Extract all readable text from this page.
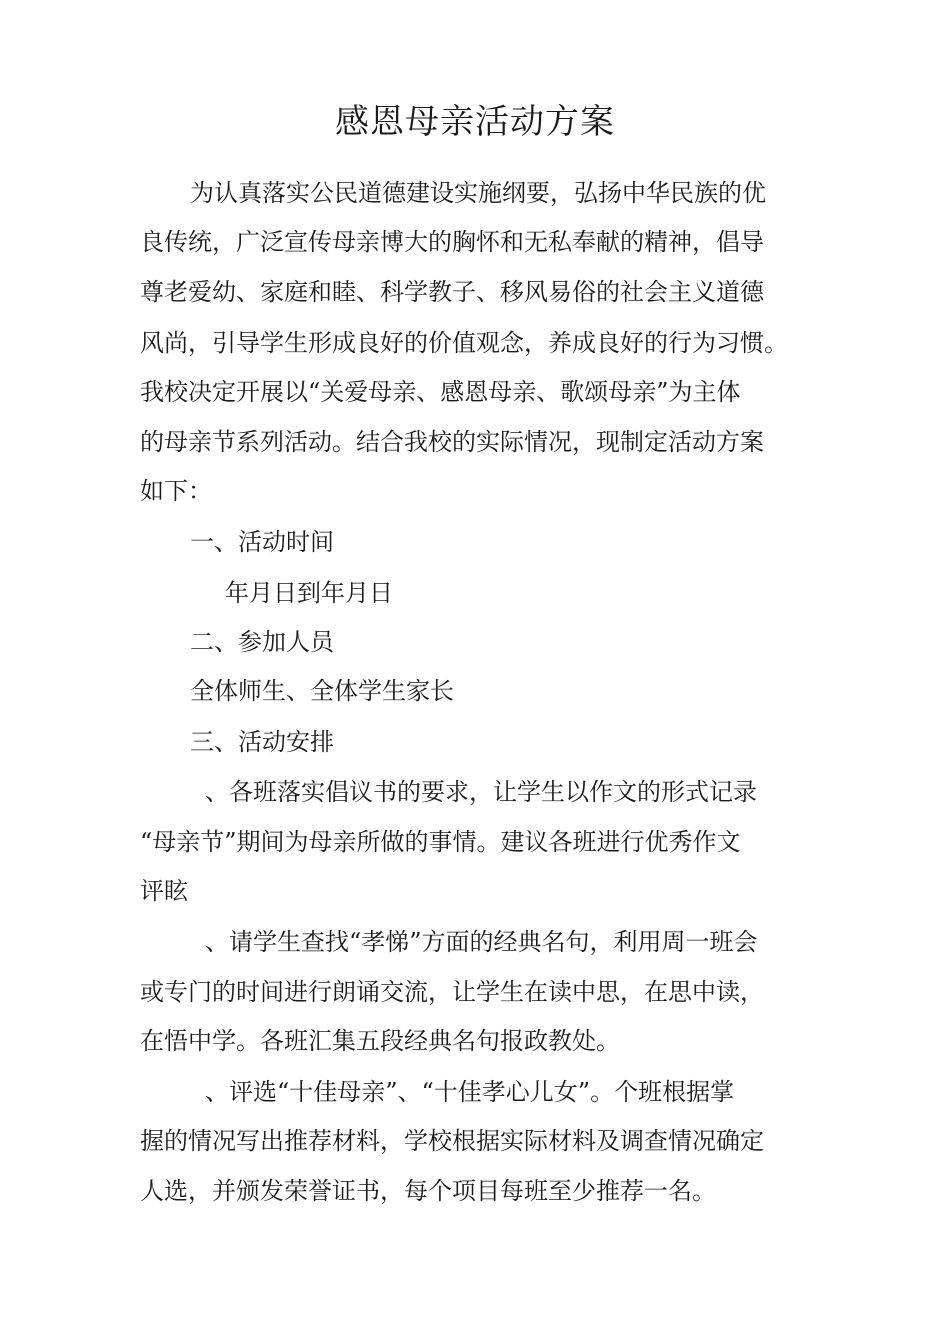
感恩母亲活动方案
为认真落实公民道德建设实施纲要，弘扬中华民族的优
良传统，广泛宣传母亲博大的胸怀和无私奉献的精神，倡导
尊老爱幼、家庭和睦、科学教子、移风易俗的社会主义道德
风尚，引导学生形成良好的价值观念，养成良好的行为习惯。
我校决定开展以“关爱母亲、感恩母亲、歌颂母亲”为主体
的母亲节系列活动。结合我校的实际情况，现制定活动方案
如下：
一、活动时间
年月日到年月日
二、参加人员
全体师生、全体学生家长
三、活动安排
、各班落实倡议书的要求，让学生以作文的形式记录
“母亲节”期间为母亲所做的事情。建议各班进行优秀作文
评眩
、请学生查找“孝悌”方面的经典名句，利用周一班会
或专门的时间进行朗诵交流，让学生在读中思，在思中读，
在悟中学。各班汇集五段经典名句报政教处。
、评选“十佳母亲”、“十佳孝心儿女”。个班根据掌
握的情况写出推荐材料，学校根据实际材料及调查情况确定
人选，并颁发荣誉证书，每个项目每班至少推荐一名。
